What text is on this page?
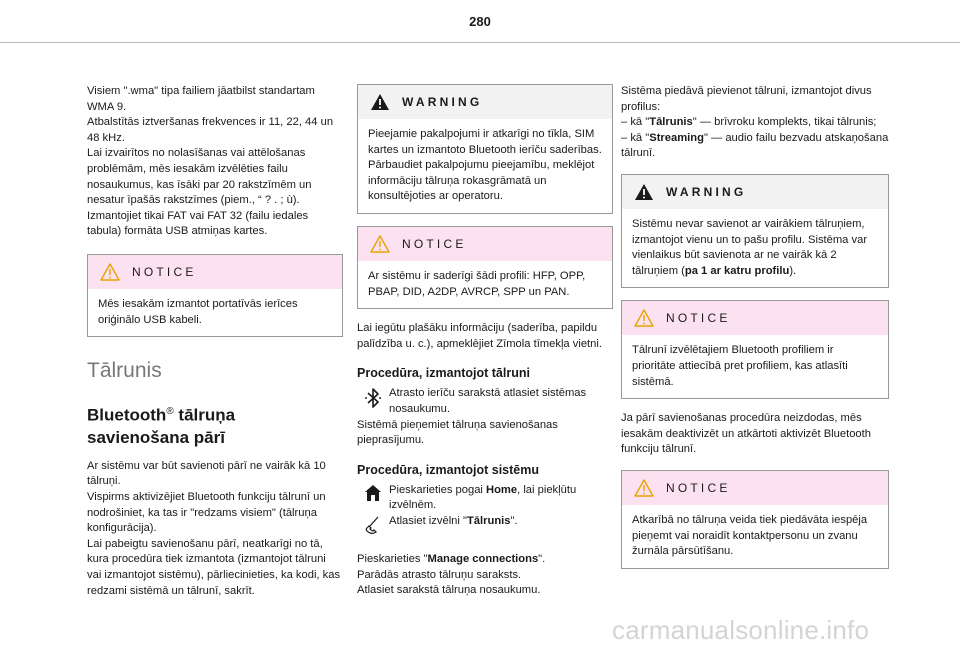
280

Visiem ".wma" tipa failiem jāatbilst standartam WMA 9.

Atbalstītās iztveršanas frekvences ir 11, 22, 44 un 48 kHz.

Lai izvairītos no nolasīšanas vai attēlošanas problēmām, mēs iesakām izvēlēties failu nosaukumus, kas īsāki par 20 rakstzīmēm un nesatur īpašās rakstzīmes (piem., “ ? . ; ù).

Izmantojiet tikai FAT vai FAT 32 (failu iedales tabula) formāta USB atmiņas kartes.

NOTICE
Mēs iesakām izmantot portatīvās ierīces oriģinālo USB kabeli.
Tālrunis
Bluetooth® tālruņa
savienošana pārī

Ar sistēmu var būt savienoti pārī ne vairāk kā 10 tālruņi.

Vispirms aktivizējiet Bluetooth funkciju tālrunī un nodrošiniet, ka tas ir "redzams visiem" (tālruņa konfigurācija).

Lai pabeigtu savienošanu pārī, neatkarīgi no tā, kura procedūra tiek izmantota (izmantojot tālruni vai izmantojot sistēmu), pārliecinieties, ka kodi, kas redzami sistēmā un tālrunī, sakrīt.

WARNING
Pieejamie pakalpojumi ir atkarīgi no tīkla, SIM kartes un izmantoto Bluetooth ierīču saderības. Pārbaudiet pakalpojumu pieejamību, meklējot informāciju tālruņa rokasgrāmatā un konsultējoties ar operatoru.
NOTICE
Ar sistēmu ir saderīgi šādi profili: HFP, OPP, PBAP, DID, A2DP, AVRCP, SPP un PAN.

Lai iegūtu plašāku informāciju (saderība, papildu palīdzība u. c.), apmeklējiet Zīmola tīmekļa vietni.

Procedūra, izmantojot tālruni
Atrasto ierīču sarakstā atlasiet sistēmas nosaukumu.

Sistēmā pieņemiet tālruņa savienošanas pieprasījumu.

Procedūra, izmantojot sistēmu
Pieskarieties pogai Home, lai piekļūtu izvēlnēm.
Atlasiet izvēlni "Tālrunis".

Pieskarieties "Manage connections".

Parādās atrasto tālruņu saraksts.

Atlasiet sarakstā tālruņa nosaukumu.

Sistēma piedāvā pievienot tālruni, izmantojot divus profilus:

– kā "Tālrunis" — brīvroku komplekts, tikai tālrunis;

– kā "Streaming" — audio failu bezvadu atskaņošana tālrunī.

WARNING
Sistēmu nevar savienot ar vairākiem tālruņiem, izmantojot vienu un to pašu profilu. Sistēma var vienlaikus būt savienota ar ne vairāk kā 2 tālruņiem (pa 1 ar katru profilu).
NOTICE
Tālrunī izvēlētajiem Bluetooth profiliem ir prioritāte attiecībā pret profiliem, kas atlasīti sistēmā.

Ja pārī savienošanas procedūra neizdodas, mēs iesakām deaktivizēt un atkārtoti aktivizēt Bluetooth funkciju tālrunī.

NOTICE
Atkarībā no tālruņa veida tiek piedāvāta iespēja pieņemt vai noraidīt kontaktpersonu un zvanu žurnāla pārsūtīšanu.
carmanualsonline.info
